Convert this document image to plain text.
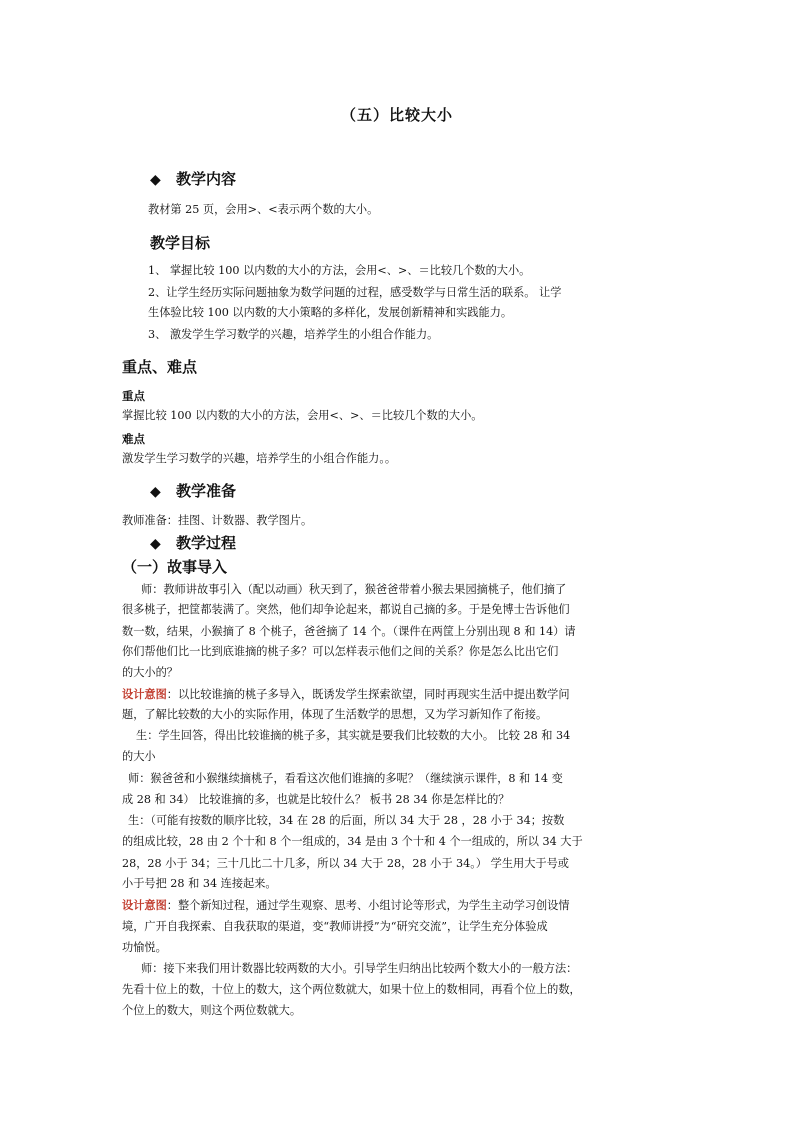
（五）比较大小
◆ 教学内容
教材第 25 页，会用>、<表示两个数的大小。
教学目标
1、 掌握比较 100 以内数的大小的方法，会用<、>、＝比较几个数的大小。
2、让学生经历实际问题抽象为数学问题的过程，感受数学与日常生活的联系。 让学
生体验比较 100 以内数的大小策略的多样化，发展创新精神和实践能力。
3、 激发学生学习数学的兴趣，培养学生的小组合作能力。
重点、难点
重点
掌握比较 100 以内数的大小的方法，会用<、>、＝比较几个数的大小。
难点
激发学生学习数学的兴趣，培养学生的小组合作能力。。
◆ 教学准备
教师准备：挂图、计数器、教学图片。
◆ 教学过程
（一）故事导入
师：教师讲故事引入（配以动画）秋天到了，猴爸爸带着小猴去果园摘桃子，他们摘了
很多桃子，把筐都装满了。突然，他们却争论起来，都说自己摘的多。于是免博士告诉他们
数一数，结果，小猴摘了 8 个桃子，爸爸摘了 14 个。（课件在两筐上分别出现 8 和 14）请
你们帮他们比一比到底谁摘的桃子多？可以怎样表示他们之间的关系？你是怎么比出它们
的大小的？
设计意图：以比较谁摘的桃子多导入，既诱发学生探索欲望，同时再现实生活中提出数学问
题，了解比较数的大小的实际作用，体现了生活数学的思想，又为学习新知作了衔接。
生：学生回答，得出比较谁摘的桃子多，其实就是要我们比较数的大小。 比较 28 和 34
的大小
师：猴爸爸和小猴继续摘桃子，看看这次他们谁摘的多呢？（继续演示课件，8 和 14 变
成 28 和 34） 比较谁摘的多，也就是比较什么？ 板书 28 34 你是怎样比的？
生：（可能有按数的顺序比较，34 在 28 的后面，所以 34 大于 28 ，28 小于 34；按数
的组成比较，28 由 2 个十和 8 个一组成的，34 是由 3 个十和 4 个一组成的，所以 34 大于
28，28 小于 34；三十几比二十几多，所以 34 大于 28，28 小于 34。） 学生用大于号或
小于号把 28 和 34 连接起来。
设计意图：整个新知过程，通过学生观察、思考、小组讨论等形式，为学生主动学习创设情
境，广开自我探索、自我获取的渠道，变“教师讲授”为“研究交流”，让学生充分体验成
功愉悦。
师：接下来我们用计数器比较两数的大小。引导学生归纳出比较两个数大小的一般方法：
先看十位上的数，十位上的数大，这个两位数就大，如果十位上的数相同，再看个位上的数，
个位上的数大，则这个两位数就大。
